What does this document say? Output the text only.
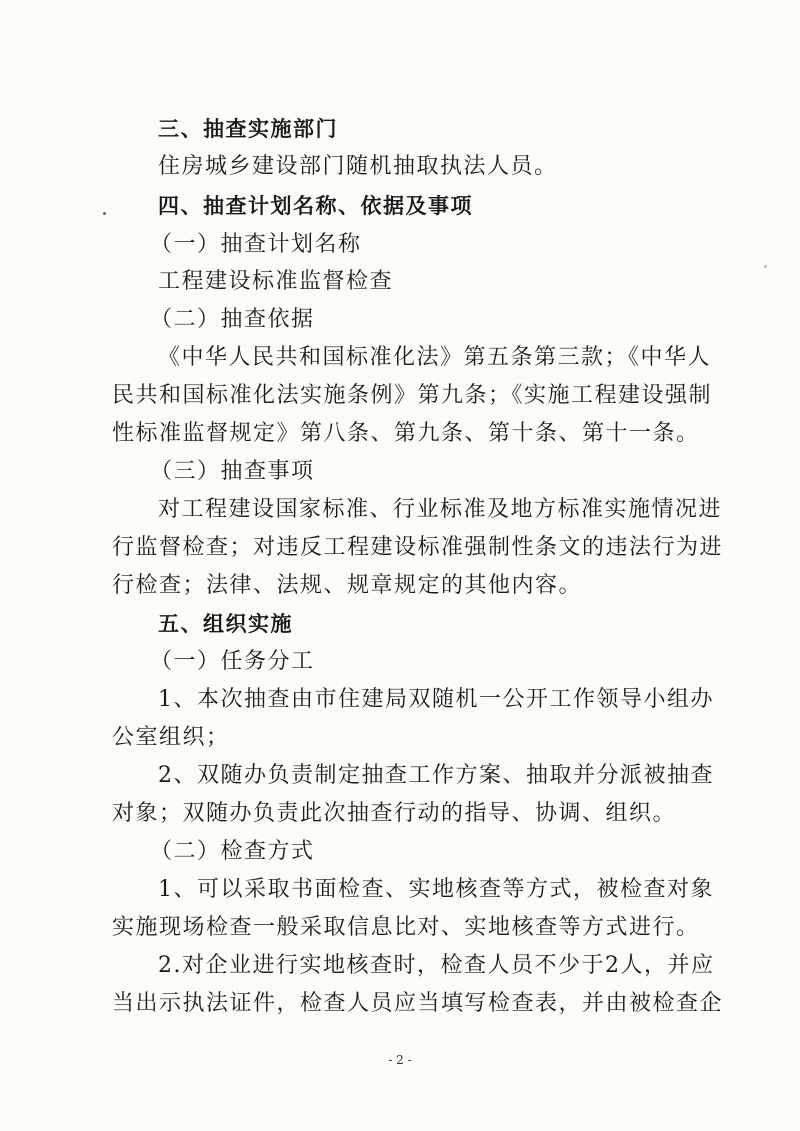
三、抽查实施部门
住房城乡建设部门随机抽取执法人员。
四、抽查计划名称、依据及事项
（一）抽查计划名称
工程建设标准监督检查
（二）抽查依据
《中华人民共和国标准化法》第五条第三款；《中华人
民共和国标准化法实施条例》第九条；《实施工程建设强制
性标准监督规定》第八条、第九条、第十条、第十一条。
（三）抽查事项
对工程建设国家标准、行业标准及地方标准实施情况进
行监督检查；对违反工程建设标准强制性条文的违法行为进
行检查；法律、法规、规章规定的其他内容。
五、组织实施
（一）任务分工
1、本次抽查由市住建局双随机一公开工作领导小组办
公室组织；
2、双随办负责制定抽查工作方案、抽取并分派被抽查
对象；双随办负责此次抽查行动的指导、协调、组织。
（二）检查方式
1、可以采取书面检查、实地核查等方式，被检查对象
实施现场检查一般采取信息比对、实地核查等方式进行。
2.对企业进行实地核查时，检查人员不少于2人，并应
当出示执法证件，检查人员应当填写检查表，并由被检查企
- 2 -
